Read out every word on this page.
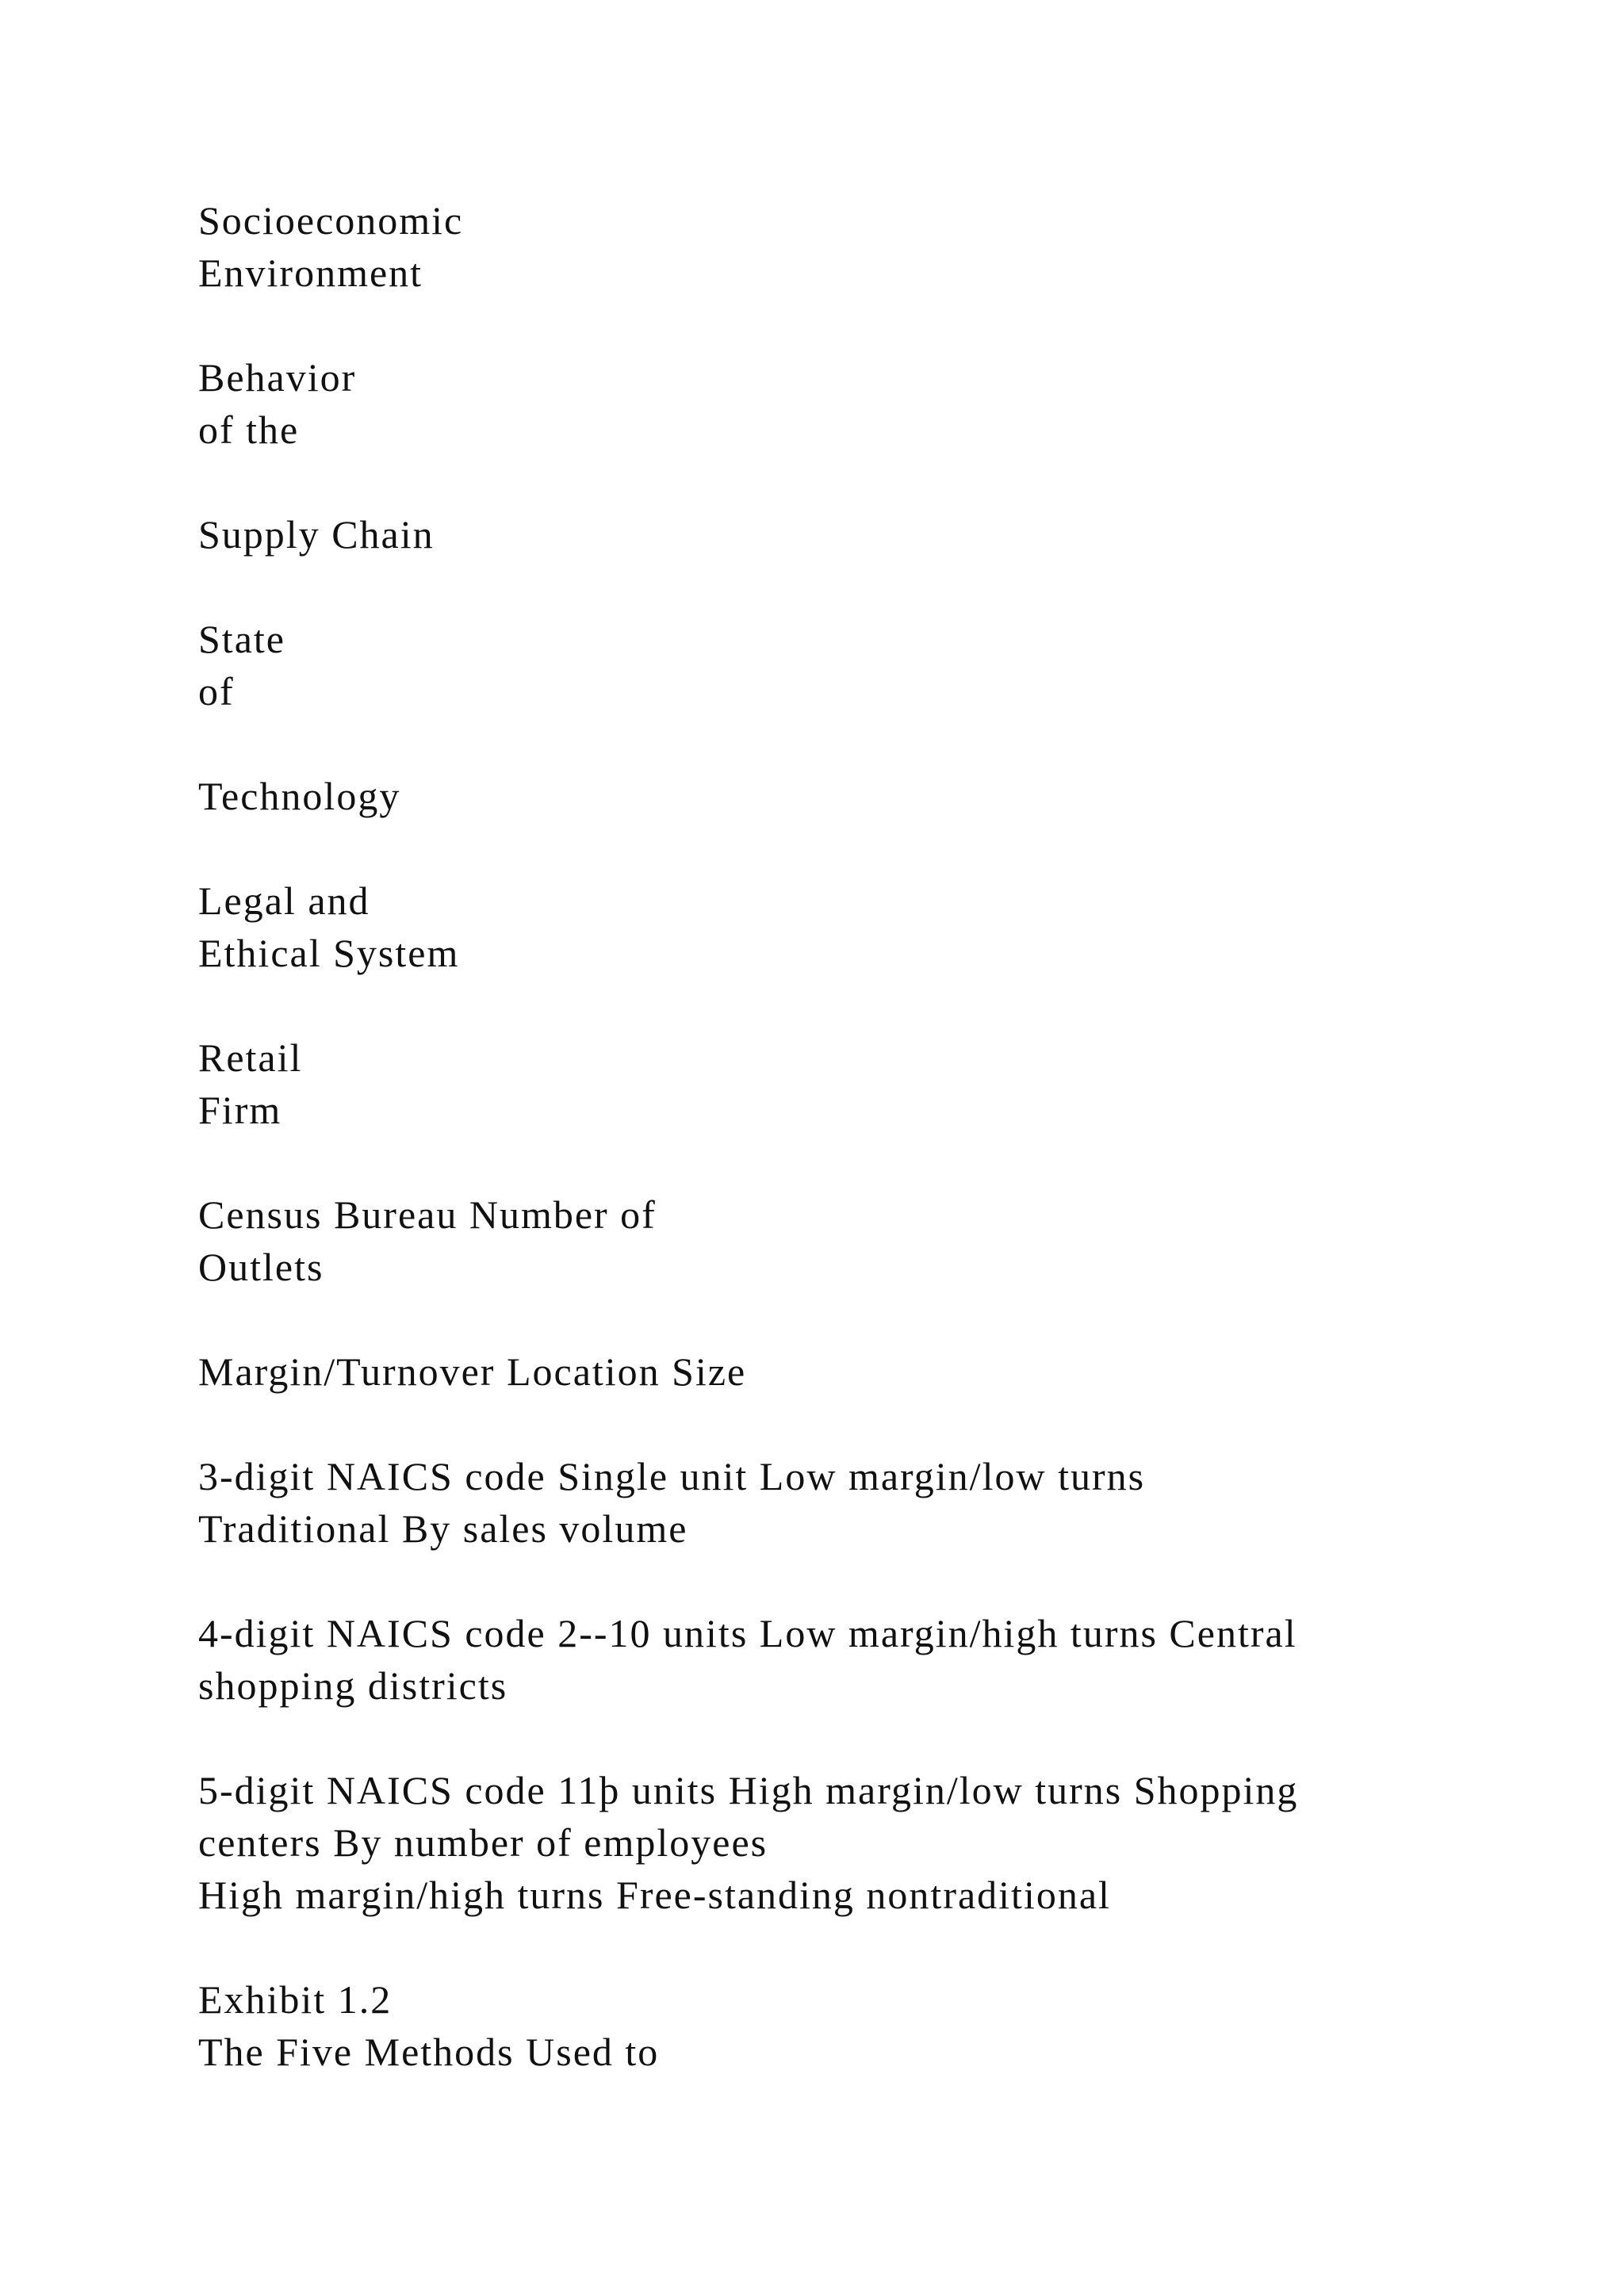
Socioeconomic
Environment

Behavior
of the

Supply Chain

State
of

Technology

Legal and
Ethical System

Retail
Firm

Census Bureau Number of
Outlets

Margin/Turnover Location Size

3-digit NAICS code Single unit Low margin/low turns
Traditional By sales volume

4-digit NAICS code 2--10 units Low margin/high turns Central
shopping districts

5-digit NAICS code 11þ units High margin/low turns Shopping
centers By number of employees
High margin/high turns Free-standing nontraditional

Exhibit 1.2
The Five Methods Used to
